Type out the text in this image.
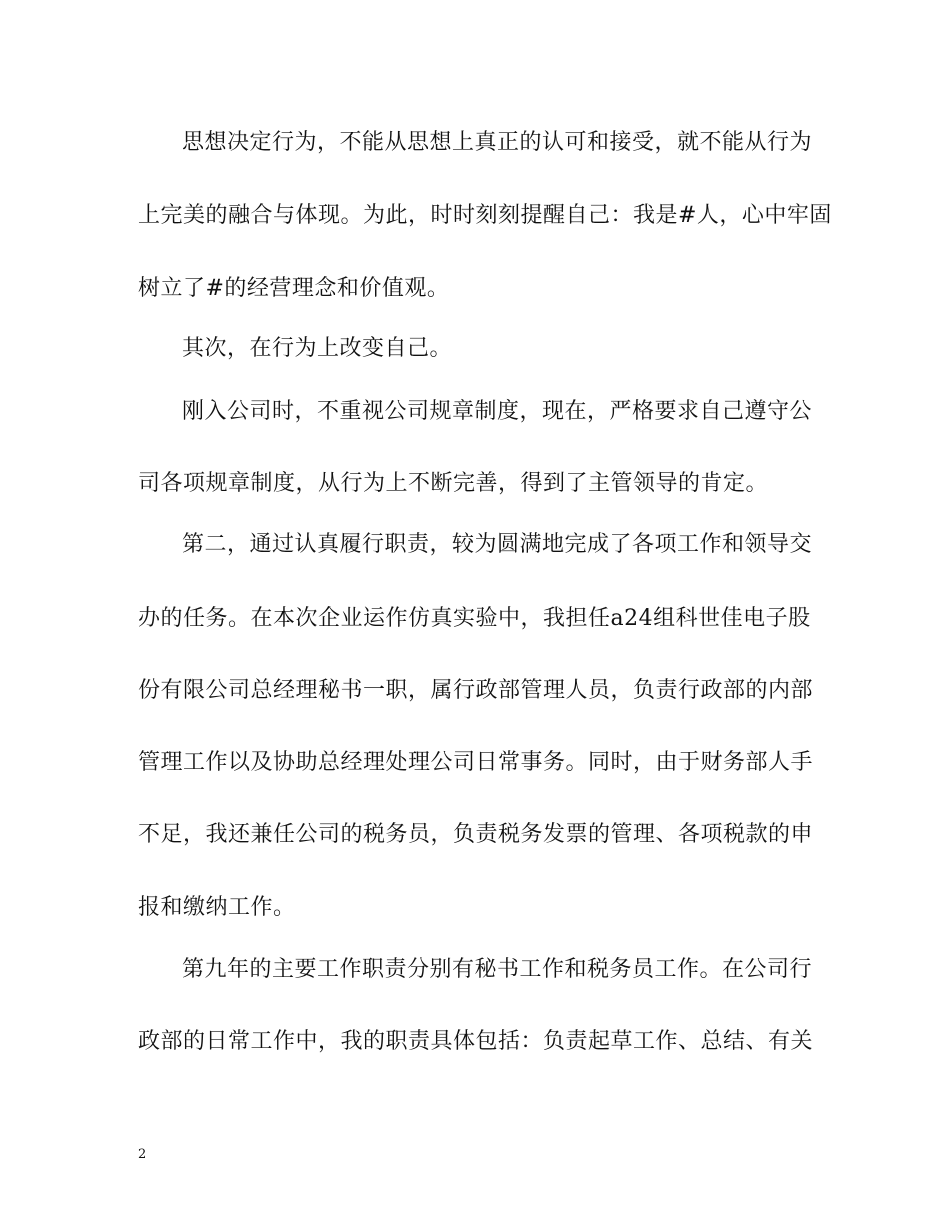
思想决定行为，不能从思想上真正的认可和接受，就不能从行为
上完美的融合与体现。为此，时时刻刻提醒自己：我是#人，心中牢固
树立了#的经营理念和价值观。
其次，在行为上改变自己。
刚入公司时，不重视公司规章制度，现在，严格要求自己遵守公
司各项规章制度，从行为上不断完善，得到了主管领导的肯定。
第二，通过认真履行职责，较为圆满地完成了各项工作和领导交
办的任务。在本次企业运作仿真实验中，我担任a24组科世佳电子股
份有限公司总经理秘书一职，属行政部管理人员，负责行政部的内部
管理工作以及协助总经理处理公司日常事务。同时，由于财务部人手
不足，我还兼任公司的税务员，负责税务发票的管理、各项税款的申
报和缴纳工作。
第九年的主要工作职责分别有秘书工作和税务员工作。在公司行
政部的日常工作中，我的职责具体包括：负责起草工作、总结、有关
2
